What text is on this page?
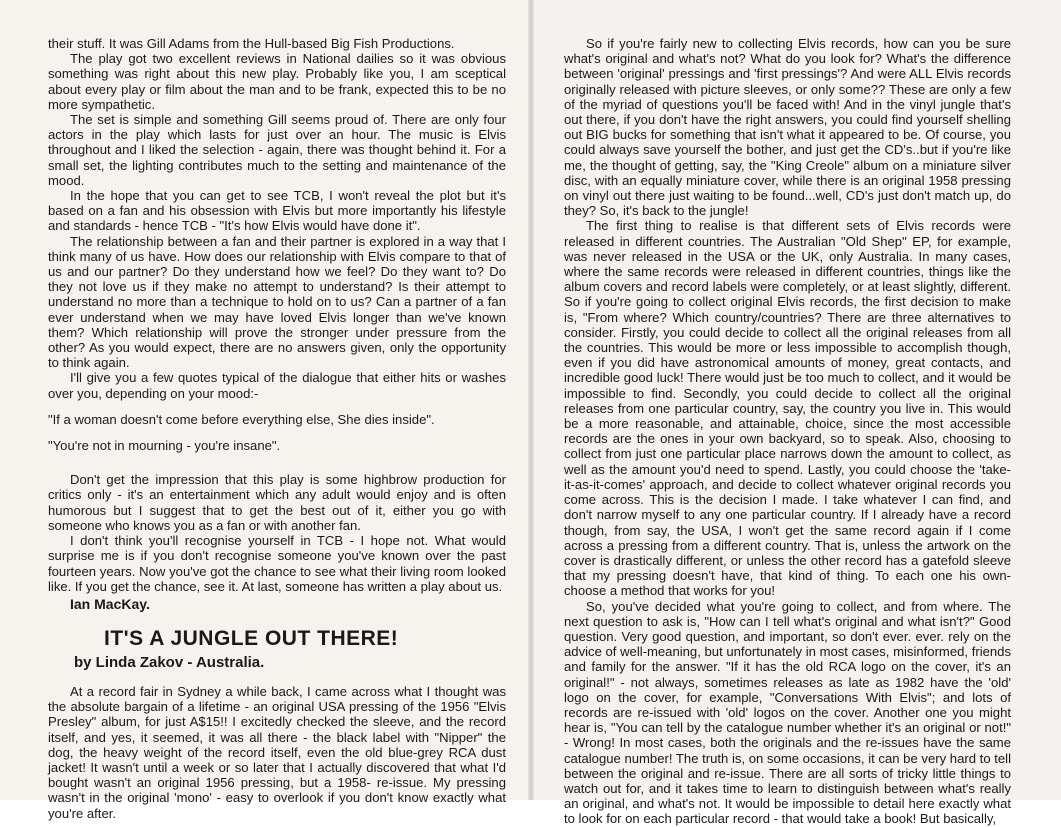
their stuff. It was Gill Adams from the Hull-based Big Fish Productions.

The play got two excellent reviews in National dailies so it was obvious something was right about this new play. Probably like you, I am sceptical about every play or film about the man and to be frank, expected this to be no more sympathetic.

The set is simple and something Gill seems proud of. There are only four actors in the play which lasts for just over an hour. The music is Elvis throughout and I liked the selection - again, there was thought behind it. For a small set, the lighting contributes much to the setting and maintenance of the mood.

In the hope that you can get to see TCB, I won't reveal the plot but it's based on a fan and his obsession with Elvis but more importantly his lifestyle and standards - hence TCB - "It's how Elvis would have done it".

The relationship between a fan and their partner is explored in a way that I think many of us have. How does our relationship with Elvis compare to that of us and our partner? Do they understand how we feel? Do they want to? Do they not love us if they make no attempt to understand? Is their attempt to understand no more than a technique to hold on to us? Can a partner of a fan ever understand when we may have loved Elvis longer than we've known them? Which relationship will prove the stronger under pressure from the other? As you would expect, there are no answers given, only the opportunity to think again.

I'll give you a few quotes typical of the dialogue that either hits or washes over you, depending on your mood:-

"If a woman doesn't come before everything else, She dies inside".

"You're not in mourning - you're insane".

Don't get the impression that this play is some highbrow production for critics only - it's an entertainment which any adult would enjoy and is often humorous but I suggest that to get the best out of it, either you go with someone who knows you as a fan or with another fan.

I don't think you'll recognise yourself in TCB - I hope not. What would surprise me is if you don't recognise someone you've known over the past fourteen years. Now you've got the chance to see what their living room looked like. If you get the chance, see it. At last, someone has written a play about us.

Ian MacKay.
IT'S A JUNGLE OUT THERE!
by Linda Zakov - Australia.

At a record fair in Sydney a while back, I came across what I thought was the absolute bargain of a lifetime - an original USA pressing of the 1956 "Elvis Presley" album, for just A$15!! I excitedly checked the sleeve, and the record itself, and yes, it seemed, it was all there - the black label with "Nipper" the dog, the heavy weight of the record itself, even the old blue-grey RCA dust jacket! It wasn't until a week or so later that I actually discovered that what I'd bought wasn't an original 1956 pressing, but a 1958- re-issue. My pressing wasn't in the original 'mono' - easy to overlook if you don't know exactly what you're after.

So if you're fairly new to collecting Elvis records, how can you be sure what's original and what's not? What do you look for? What's the difference between 'original' pressings and 'first pressings'? And were ALL Elvis records originally released with picture sleeves, or only some?? These are only a few of the myriad of questions you'll be faced with! And in the vinyl jungle that's out there, if you don't have the right answers, you could find yourself shelling out BIG bucks for something that isn't what it appeared to be. Of course, you could always save yourself the bother, and just get the CD's..but if you're like me, the thought of getting, say, the "King Creole" album on a miniature silver disc, with an equally miniature cover, while there is an original 1958 pressing on vinyl out there just waiting to be found...well, CD's just don't match up, do they? So, it's back to the jungle!

The first thing to realise is that different sets of Elvis records were released in different countries. The Australian "Old Shep" EP, for example, was never released in the USA or the UK, only Australia. In many cases, where the same records were released in different countries, things like the album covers and record labels were completely, or at least slightly, different. So if you're going to collect original Elvis records, the first decision to make is, "From where? Which country/countries? There are three alternatives to consider. Firstly, you could decide to collect all the original releases from all the countries. This would be more or less impossible to accomplish though, even if you did have astronomical amounts of money, great contacts, and incredible good luck! There would just be too much to collect, and it would be impossible to find. Secondly, you could decide to collect all the original releases from one particular country, say, the country you live in. This would be a more reasonable, and attainable, choice, since the most accessible records are the ones in your own backyard, so to speak. Also, choosing to collect from just one particular place narrows down the amount to collect, as well as the amount you'd need to spend. Lastly, you could choose the 'take-it-as-it-comes' approach, and decide to collect whatever original records you come across. This is the decision I made. I take whatever I can find, and don't narrow myself to any one particular country. If I already have a record though, from say, the USA, I won't get the same record again if I come across a pressing from a different country. That is, unless the artwork on the cover is drastically different, or unless the other record has a gatefold sleeve that my pressing doesn't have, that kind of thing. To each one his own- choose a method that works for you!

So, you've decided what you're going to collect, and from where. The next question to ask is, "How can I tell what's original and what isn't?" Good question. Very good question, and important, so don't ever. ever. rely on the advice of well-meaning, but unfortunately in most cases, misinformed, friends and family for the answer. "If it has the old RCA logo on the cover, it's an original!" - not always, sometimes releases as late as 1982 have the 'old' logo on the cover, for example, "Conversations With Elvis"; and lots of records are re-issued with 'old' logos on the cover. Another one you might hear is, "You can tell by the catalogue number whether it's an original or not!" - Wrong! In most cases, both the originals and the re-issues have the same catalogue number! The truth is, on some occasions, it can be very hard to tell between the original and re-issue. There are all sorts of tricky little things to watch out for, and it takes time to learn to distinguish between what's really an original, and what's not. It would be impossible to detail here exactly what to look for on each particular record - that would take a book! But basically,
